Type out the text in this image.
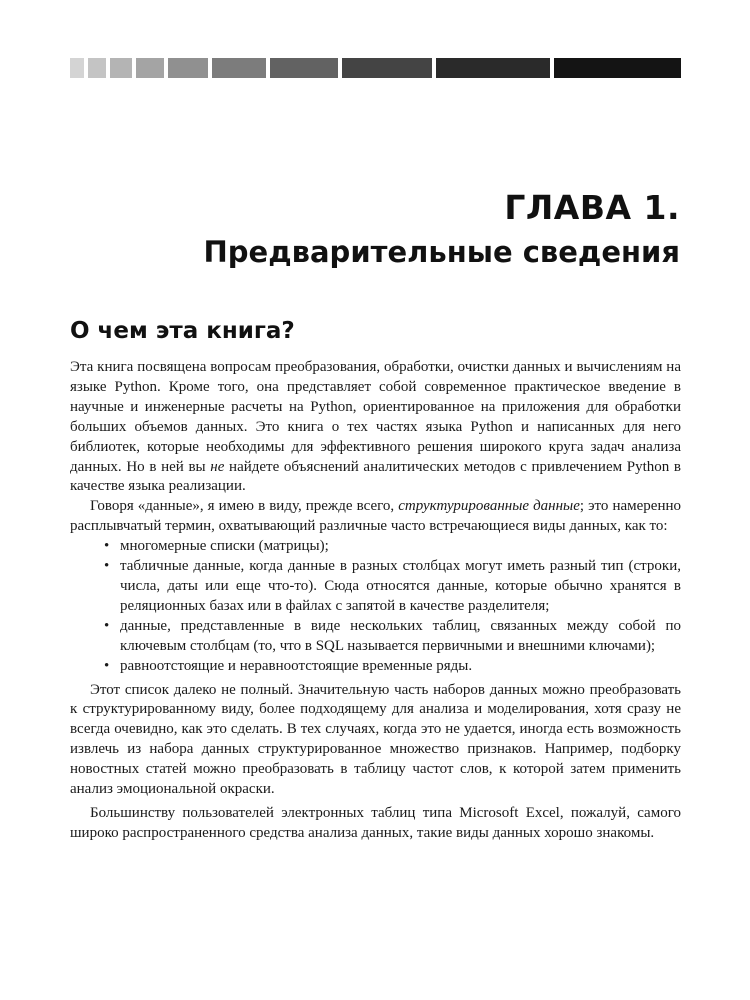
ГЛАВА 1.
Предварительные сведения
О чем эта книга?

Эта книга посвящена вопросам преобразования, обработки, очистки данных и вычислениям на языке Python. Кроме того, она представляет собой современное практическое введение в научные и инженерные расчеты на Python, ориентированное на приложения для обработки больших объемов данных. Это книга о тех частях языка Python и написанных для него библиотек, которые необходимы для эффективного решения широкого круга задач анализа данных. Но в ней вы не найдете объяснений аналитических методов с привлечением Python в качестве языка реализации.

Говоря «данные», я имею в виду, прежде всего, структурированные данные; это намеренно расплывчатый термин, охватывающий различные часто встречающиеся виды данных, как то:

• многомерные списки (матрицы);
• табличные данные, когда данные в разных столбцах могут иметь разный тип (строки, числа, даты или еще что-то). Сюда относятся данные, которые обычно хранятся в реляционных базах или в файлах с запятой в качестве разделителя;
• данные, представленные в виде нескольких таблиц, связанных между собой по ключевым столбцам (то, что в SQL называется первичными и внешними ключами);
• равноотстоящие и неравноотстоящие временные ряды.

Этот список далеко не полный. Значительную часть наборов данных можно преобразовать к структурированному виду, более подходящему для анализа и моделирования, хотя сразу не всегда очевидно, как это сделать. В тех случаях, когда это не удается, иногда есть возможность извлечь из набора данных структурированное множество признаков. Например, подборку новостных статей можно преобразовать в таблицу частот слов, к которой затем применить анализ эмоциональной окраски.

Большинству пользователей электронных таблиц типа Microsoft Excel, пожалуй, самого широко распространенного средства анализа данных, такие виды данных хорошо знакомы.
